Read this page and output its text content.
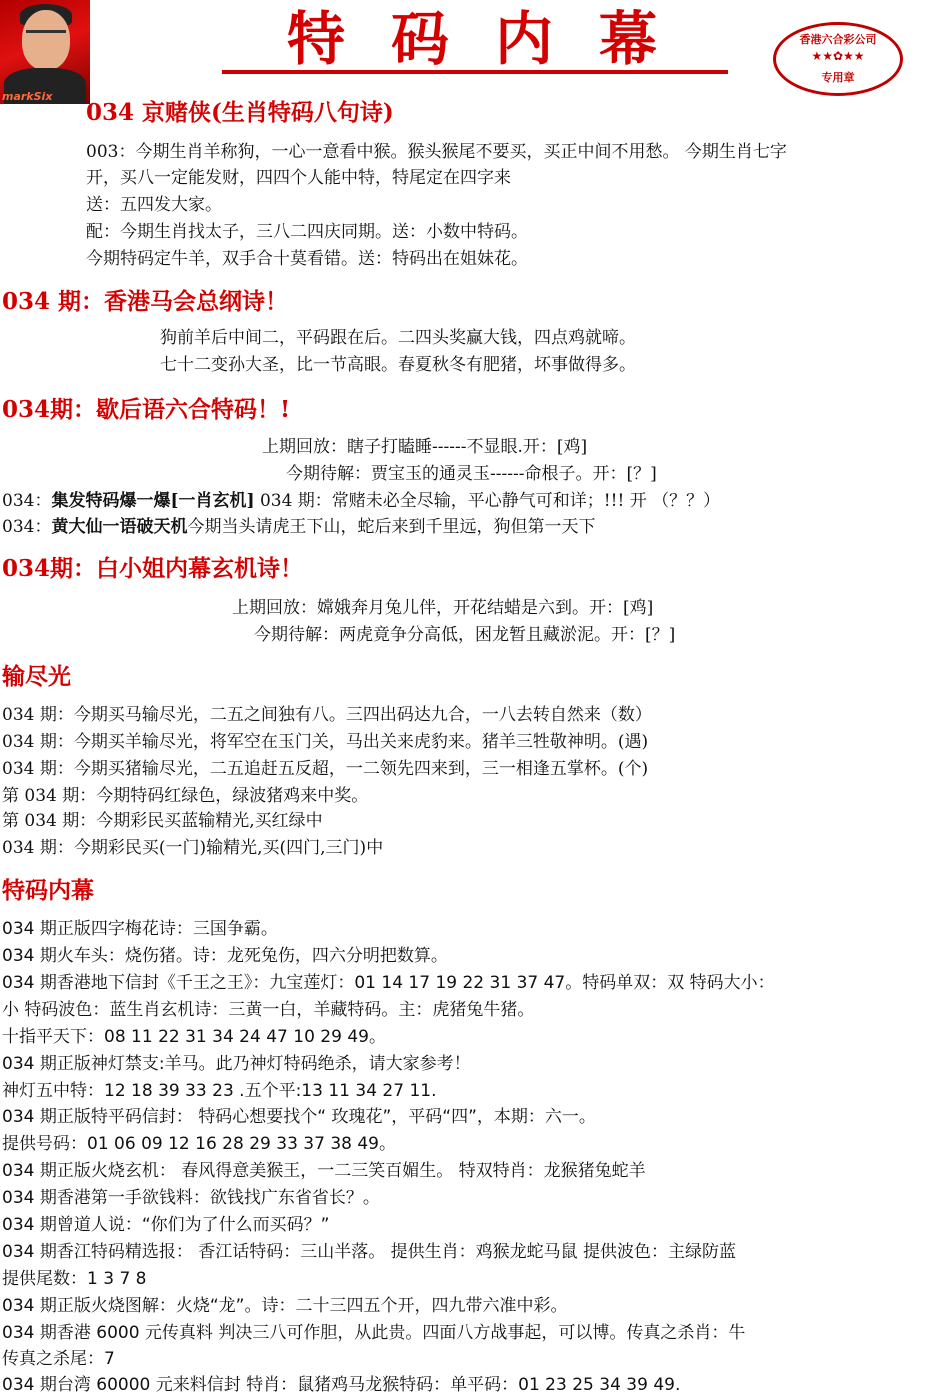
markSix
特码内幕	香港六合彩公司
★★✿★★
专用章
034 京赌侠(生肖特码八句诗)
003：今期生肖羊称狗，一心一意看中猴。猴头猴尾不要买，买正中间不用愁。 今期生肖七字
开，买八一定能发财，四四个人能中特，特尾定在四字来
送：五四发大家。
配：今期生肖找太子，三八二四庆同期。送：小数中特码。
今期特码定牛羊，双手合十莫看错。送：特码出在姐妹花。
034 期：香港马会总纲诗！
狗前羊后中间二，平码跟在后。二四头奖赢大钱，四点鸡就啼。
七十二变孙大圣，比一节高眼。春夏秋冬有肥猪，坏事做得多。
034期：歇后语六合特码！!
上期回放：瞎子打瞌睡------不显眼.开：[鸡]
今期待解：贾宝玉的通灵玉------命根子。开：[？]
034：集发特码爆一爆[一肖玄机] 034 期：常赌未必全尽输，平心静气可和详；!!! 开 （？？）
034：黄大仙一语破天机今期当头请虎王下山，蛇后来到千里远，狗但第一天下
034期：白小姐内幕玄机诗！
上期回放：嫦娥奔月兔儿伴，开花结蜡是六到。开：[鸡]
今期待解：两虎竟争分高低，困龙暂且藏淤泥。开：[？]
输尽光
034 期：今期买马输尽光，二五之间独有八。三四出码达九合，一八去转自然来（数）
034 期：今期买羊输尽光，将军空在玉门关，马出关来虎豹来。猪羊三牲敬神明。(遇)
034 期：今期买猪输尽光，二五追赶五反超，一二领先四来到，三一相逢五掌杯。(个)
第 034 期：今期特码红绿色，绿波猪鸡来中奖。
第 034 期：今期彩民买蓝输精光,买红绿中
034 期：今期彩民买(一门)输精光,买(四门,三门)中
特码内幕
034 期正版四字梅花诗：三国争霸。
034 期火车头：烧伤猪。诗：龙死兔伤，四六分明把数算。
034 期香港地下信封《千王之王》：九宝莲灯：01 14 17 19 22 31 37 47。特码单双：双 特码大小：
小 特码波色：蓝生肖玄机诗：三黄一白，羊藏特码。主：虎猪兔牛猪。
十指平天下：08 11 22 31 34 24 47 10 29 49。
034 期正版神灯禁支:羊马。此乃神灯特码绝杀，请大家参考！
神灯五中特：12 18 39 33 23 .五个平:13 11 34 27 11.
034 期正版特平码信封： 特码心想要找个“ 玫瑰花”，平码“四”，本期：六一。
提供号码：01 06 09 12 16 28 29 33 37 38 49。
034 期正版火烧玄机： 春风得意美猴王，一二三笑百媚生。 特双特肖：龙猴猪兔蛇羊
034 期香港第一手欲钱料：欲钱找广东省省长？。
034 期曾道人说：“你们为了什么而买码？”
034 期香江特码精选报： 香江话特码：三山半落。 提供生肖：鸡猴龙蛇马鼠 提供波色：主绿防蓝
提供尾数：1 3 7 8
034 期正版火烧图解：火烧“龙”。诗：二十三四五个开，四九带六准中彩。
034 期香港 6000 元传真料 判决三八可作胆，从此贵。四面八方战事起，可以博。传真之杀肖：牛
传真之杀尾：7
034 期台湾 60000 元来料信封 特肖：鼠猪鸡马龙猴特码：单平码：01 23 25 34 39 49.
